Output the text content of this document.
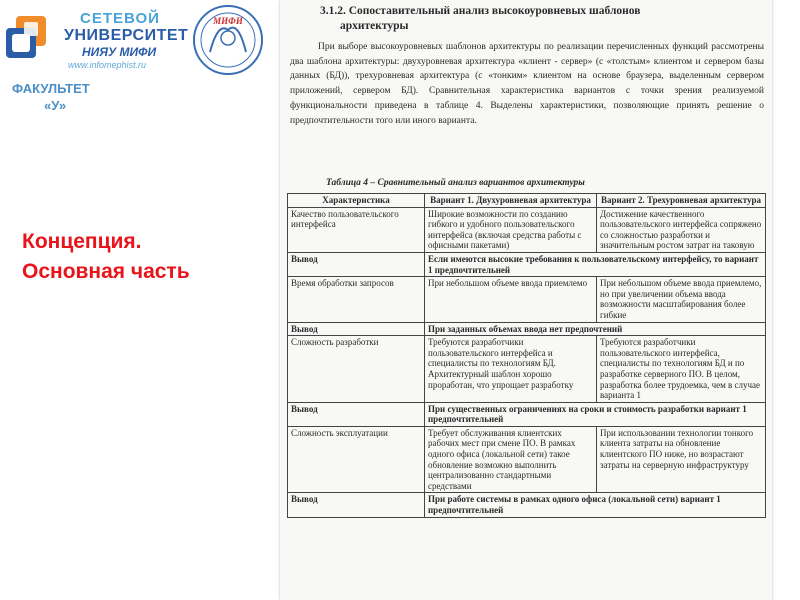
СЕТЕВОЙ
УНИВЕРСИТЕТ
НИЯУ МИФИ
www.infomephist.ru
МИФИ
ФАКУЛЬТЕТ
«У»
Концепция.
Основная часть
3.1.2. Сопоставительный анализ высокоуровневых шаблонов
архитектуры
При выборе высокоуровневых шаблонов архитектуры по реализации перечисленных функций рассмотрены два шаблона архитектуры: двухуровневая архитектура «клиент - сервер» (с «толстым» клиентом и сервером базы данных (БД)), трехуровневая архитектура (с «тонким» клиентом на основе браузера, выделенным сервером приложений, сервером БД). Сравнительная характеристика вариантов с точки зрения реализуемой функциональности приведена в таблице 4. Выделены характеристики, позволяющие принять решение о предпочтительности того или иного варианта.
Таблица 4 – Сравнительный анализ вариантов архитектуры
Характеристика	Вариант 1. Двухуровневая архитектура	Вариант 2. Трехуровневая архитектура
Качество пользовательского интерфейса	Широкие возможности по созданию гибкого и удобного пользовательского интерфейса (включая средства работы с офисными пакетами)	Достижение качественного пользовательского интерфейса сопряжено со сложностью разработки и значительным ростом затрат на таковую
Вывод	Если имеются высокие требования к пользовательскому интерфейсу, то вариант 1 предпочтительней	
Время обработки запросов	При небольшом объеме ввода приемлемо	При небольшом объеме ввода приемлемо, но при увеличении объема ввода возможности масштабирования более гибкие
Вывод	При заданных объемах ввода нет предпочтений	
Сложность разработки	Требуются разработчики пользовательского интерфейса и специалисты по технологиям БД. Архитектурный шаблон хорошо проработан, что упрощает разработку	Требуются разработчики пользовательского интерфейса, специалисты по технологиям БД и по разработке серверного ПО. В целом, разработка более трудоемка, чем в случае варианта 1
Вывод	При существенных ограничениях на сроки и стоимость разработки вариант 1 предпочтительней	
Сложность эксплуатации	Требует обслуживания клиентских рабочих мест при смене ПО. В рамках одного офиса (локальной сети) такое обновление возможно выполнить централизованно стандартными средствами	При использовании технологии тонкого клиента затраты на обновление клиентского ПО ниже, но возрастают затраты на серверную инфраструктуру
Вывод	При работе системы в рамках одного офиса (локальной сети) вариант 1 предпочтительней	
